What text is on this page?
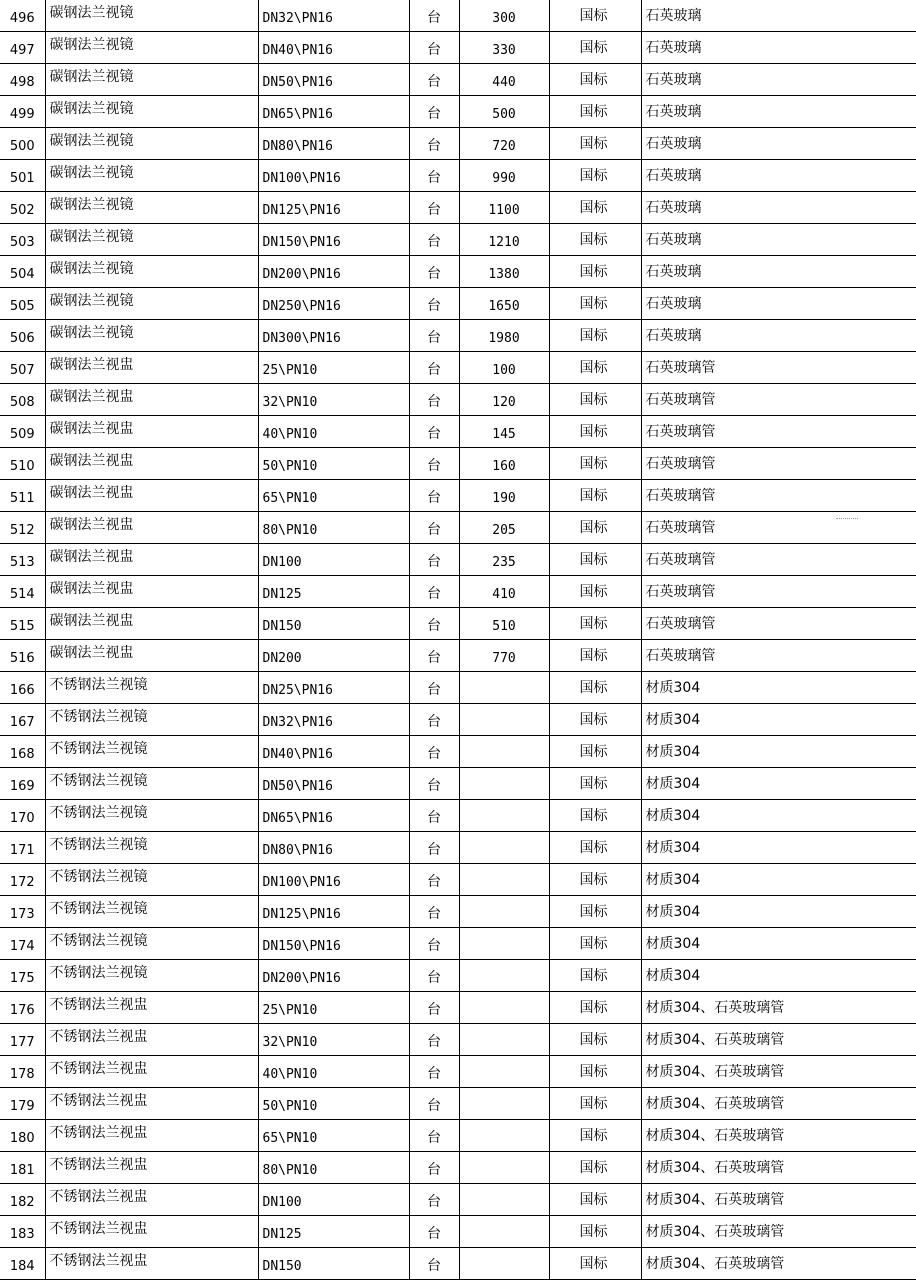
496	碳钢法兰视镜	DN32\PN16	台	300	国标	石英玻璃
497	碳钢法兰视镜	DN40\PN16	台	330	国标	石英玻璃
498	碳钢法兰视镜	DN50\PN16	台	440	国标	石英玻璃
499	碳钢法兰视镜	DN65\PN16	台	500	国标	石英玻璃
500	碳钢法兰视镜	DN80\PN16	台	720	国标	石英玻璃
501	碳钢法兰视镜	DN100\PN16	台	990	国标	石英玻璃
502	碳钢法兰视镜	DN125\PN16	台	1100	国标	石英玻璃
503	碳钢法兰视镜	DN150\PN16	台	1210	国标	石英玻璃
504	碳钢法兰视镜	DN200\PN16	台	1380	国标	石英玻璃
505	碳钢法兰视镜	DN250\PN16	台	1650	国标	石英玻璃
506	碳钢法兰视镜	DN300\PN16	台	1980	国标	石英玻璃
507	碳钢法兰视盅	25\PN10	台	100	国标	石英玻璃管
508	碳钢法兰视盅	32\PN10	台	120	国标	石英玻璃管
509	碳钢法兰视盅	40\PN10	台	145	国标	石英玻璃管
510	碳钢法兰视盅	50\PN10	台	160	国标	石英玻璃管
511	碳钢法兰视盅	65\PN10	台	190	国标	石英玻璃管
512	碳钢法兰视盅	80\PN10	台	205	国标	石英玻璃管
513	碳钢法兰视盅	DN100	台	235	国标	石英玻璃管
514	碳钢法兰视盅	DN125	台	410	国标	石英玻璃管
515	碳钢法兰视盅	DN150	台	510	国标	石英玻璃管
516	碳钢法兰视盅	DN200	台	770	国标	石英玻璃管
166	不锈钢法兰视镜	DN25\PN16	台		国标	材质304
167	不锈钢法兰视镜	DN32\PN16	台		国标	材质304
168	不锈钢法兰视镜	DN40\PN16	台		国标	材质304
169	不锈钢法兰视镜	DN50\PN16	台		国标	材质304
170	不锈钢法兰视镜	DN65\PN16	台		国标	材质304
171	不锈钢法兰视镜	DN80\PN16	台		国标	材质304
172	不锈钢法兰视镜	DN100\PN16	台		国标	材质304
173	不锈钢法兰视镜	DN125\PN16	台		国标	材质304
174	不锈钢法兰视镜	DN150\PN16	台		国标	材质304
175	不锈钢法兰视镜	DN200\PN16	台		国标	材质304
176	不锈钢法兰视盅	25\PN10	台		国标	材质304、石英玻璃管
177	不锈钢法兰视盅	32\PN10	台		国标	材质304、石英玻璃管
178	不锈钢法兰视盅	40\PN10	台		国标	材质304、石英玻璃管
179	不锈钢法兰视盅	50\PN10	台		国标	材质304、石英玻璃管
180	不锈钢法兰视盅	65\PN10	台		国标	材质304、石英玻璃管
181	不锈钢法兰视盅	80\PN10	台		国标	材质304、石英玻璃管
182	不锈钢法兰视盅	DN100	台		国标	材质304、石英玻璃管
183	不锈钢法兰视盅	DN125	台		国标	材质304、石英玻璃管
184	不锈钢法兰视盅	DN150	台		国标	材质304、石英玻璃管
